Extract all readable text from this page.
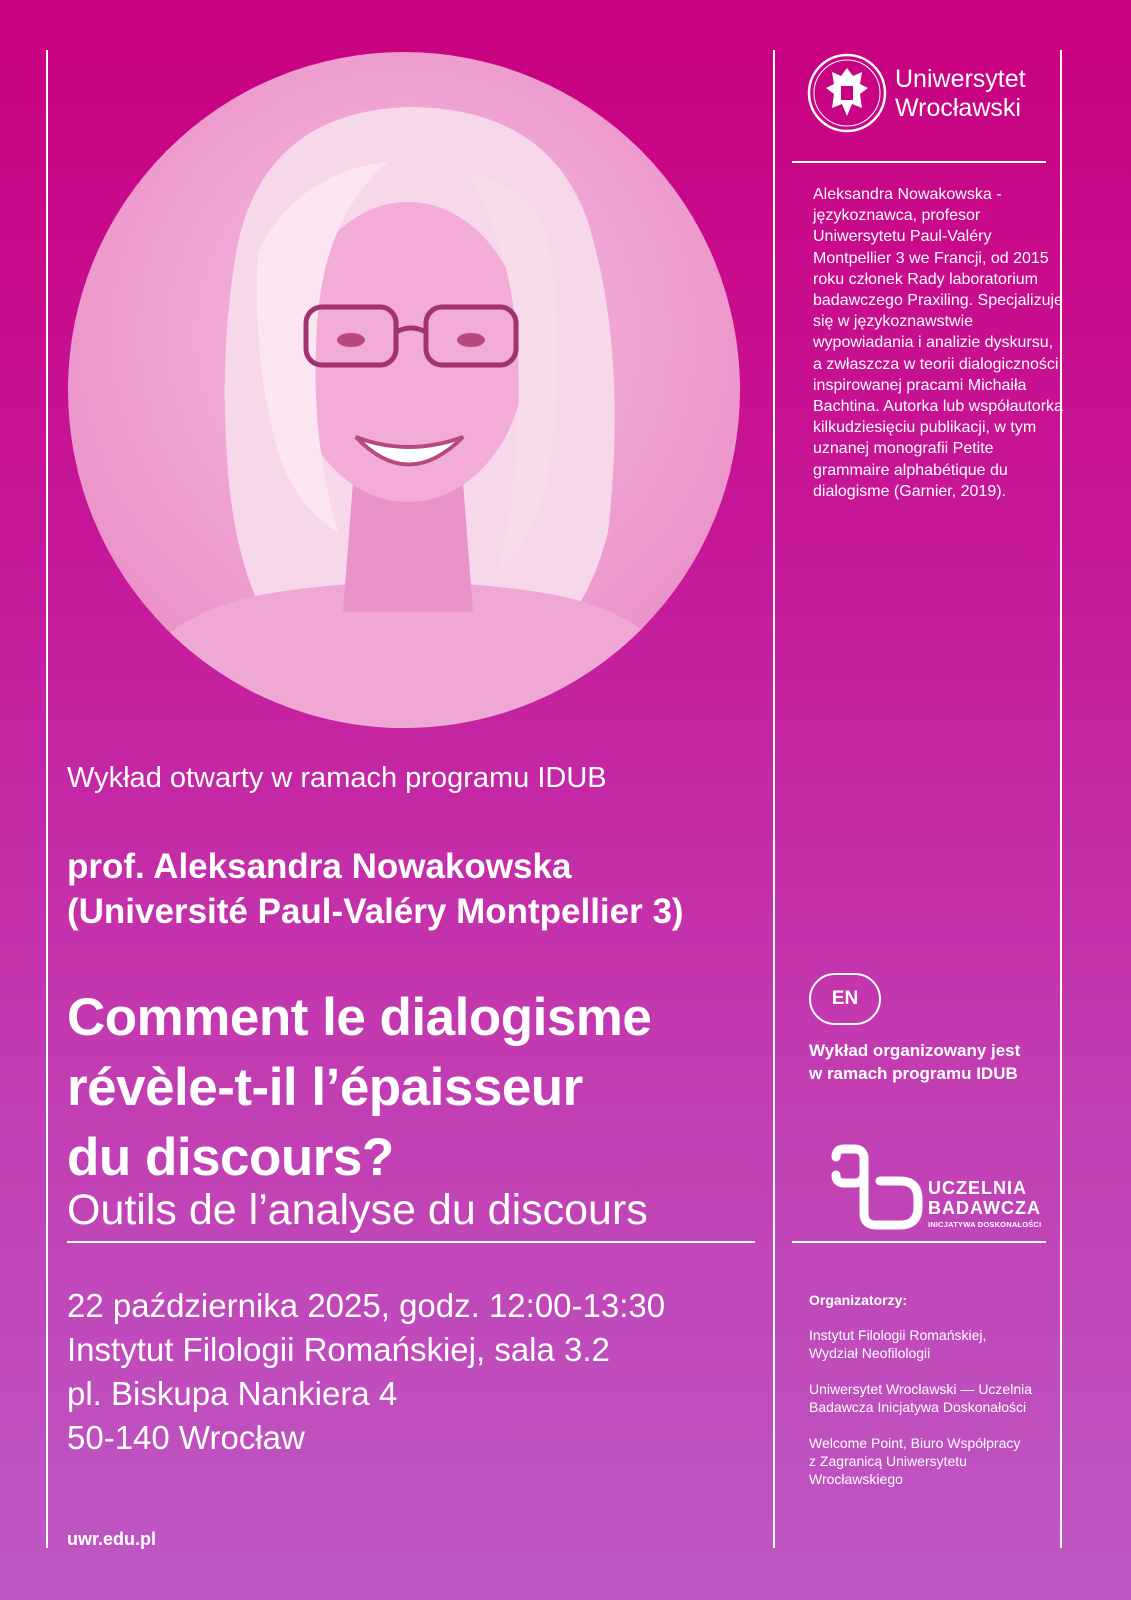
Wykład otwarty w ramach programu IDUB
prof. Aleksandra Nowakowska
(Université Paul-Valéry Montpellier 3)
Comment le dialogisme
révèle-t-il l’épaisseur
du discours?
Outils de l’analyse du discours
22 października 2025, godz. 12:00-13:30
Instytut Filologii Romańskiej, sala 3.2
pl. Biskupa Nankiera 4
50-140 Wrocław
uwr.edu.pl
Uniwersytet
Wrocławski
Aleksandra Nowakowska - językoznawca, profesor Uniwersytetu Paul-Valéry Montpellier 3 we Francji, od 2015 roku członek Rady laboratorium badawczego Praxiling. Specjalizuje się w językoznawstwie wypowiadania i analizie dyskursu, a zwłaszcza w teorii dialogiczności inspirowanej pracami Michaiła Bachtina. Autorka lub współautorka kilkudziesięciu publikacji, w tym uznanej monografii Petite grammaire alphabétique du dialogisme (Garnier, 2019).
EN
Wykład organizowany jest
w ramach programu IDUB
UCZELNIA
BADAWCZA
INICJATYWA DOSKONAŁOŚCI
Organizatorzy:
Instytut Filologii Romańskiej,
Wydział Neofilologii
Uniwersytet Wrocławski — Uczelnia
Badawcza Inicjatywa Doskonałości
Welcome Point, Biuro Współpracy
z Zagranicą Uniwersytetu
Wrocławskiego
